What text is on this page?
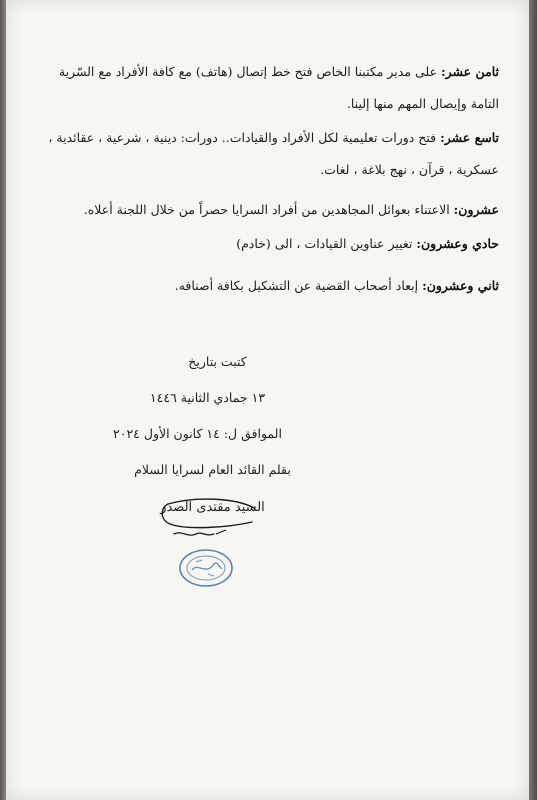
ثامن عشر: على مدير مكتبنا الخاص فتح خط إتصال (هاتف) مع كافة الأفراد مع السّرية التامة وإيصال المهم منها إلينا.

تاسع عشر: فتح دورات تعليمية لكل الأفراد والقيادات.. دورات: دينية ، شرعية ، عقائدية ، عسكرية ، قرآن ، نهج بلاغة ، لغات.

عشرون: الاعتناء بعوائل المجاهدين من أفراد السرايا حصراً من خلال اللجنة أعلاه.

حادي وعشرون: تغيير عناوين القيادات ، الى (خادم)

ثاني وعشرون: إبعاد أصحاب القضية عن التشكيل بكافة أصنافه.

كتبت بتاريخ
١٣ جمادي الثانية ١٤٤٦
الموافق ل: ١٤ كانون الأول ٢٠٢٤
بقلم القائد العام لسرايا السلام
السيد مقتدى الصدر
